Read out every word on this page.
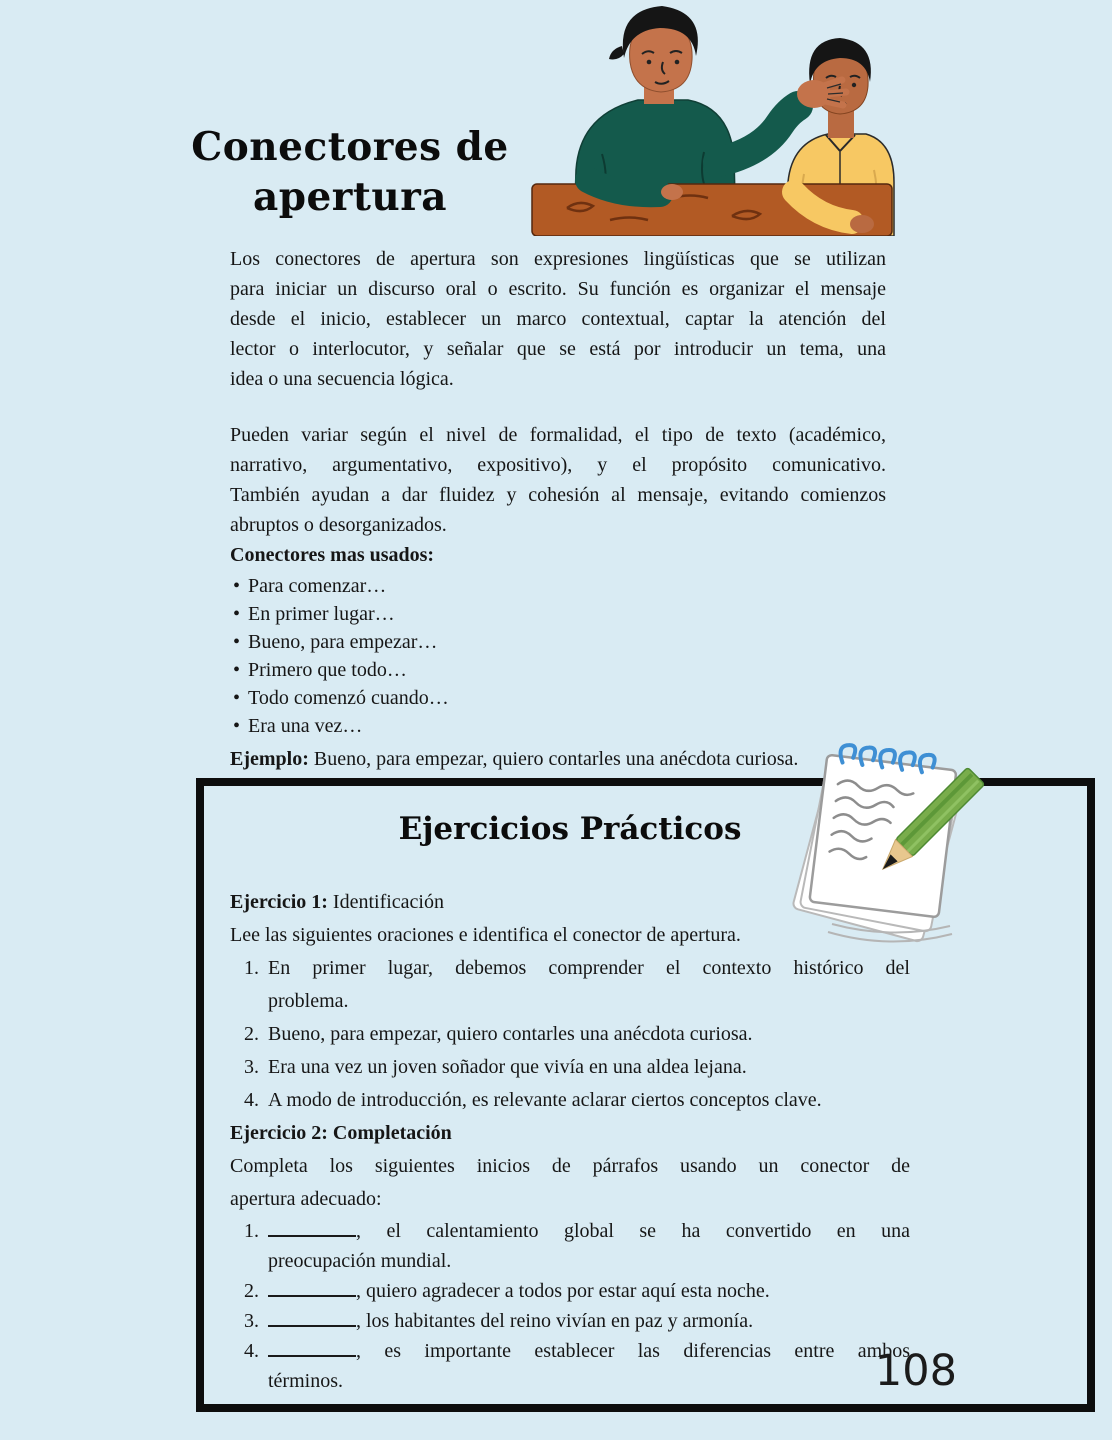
Conectores de
apertura
Los conectores de apertura son expresiones lingüísticas que se utilizan
para iniciar un discurso oral o escrito. Su función es organizar el mensaje
desde el inicio, establecer un marco contextual, captar la atención del
lector o interlocutor, y señalar que se está por introducir un tema, una
idea o una secuencia lógica.
Pueden variar según el nivel de formalidad, el tipo de texto (académico,
narrativo, argumentativo, expositivo), y el propósito comunicativo.
También ayudan a dar fluidez y cohesión al mensaje, evitando comienzos
abruptos o desorganizados.
Conectores mas usados:
• Para comenzar…
• En primer lugar…
• Bueno, para empezar…
• Primero que todo…
• Todo comenzó cuando…
• Era una vez…
Ejemplo: Bueno, para empezar, quiero contarles una anécdota curiosa.
Ejercicios Prácticos
Ejercicio 1: Identificación
Lee las siguientes oraciones e identifica el conector de apertura.
1. En primer lugar, debemos comprender el contexto histórico del
problema.
2. Bueno, para empezar, quiero contarles una anécdota curiosa.
3. Era una vez un joven soñador que vivía en una aldea lejana.
4. A modo de introducción, es relevante aclarar ciertos conceptos clave.
Ejercicio 2: Completación
Completa los siguientes inicios de párrafos usando un conector de
apertura adecuado:
1.	, el calentamiento global se ha convertido en una
preocupación mundial.
2.	, quiero agradecer a todos por estar aquí esta noche.
3.	, los habitantes del reino vivían en paz y armonía.
4.	, es importante establecer las diferencias entre ambos
términos.	108
